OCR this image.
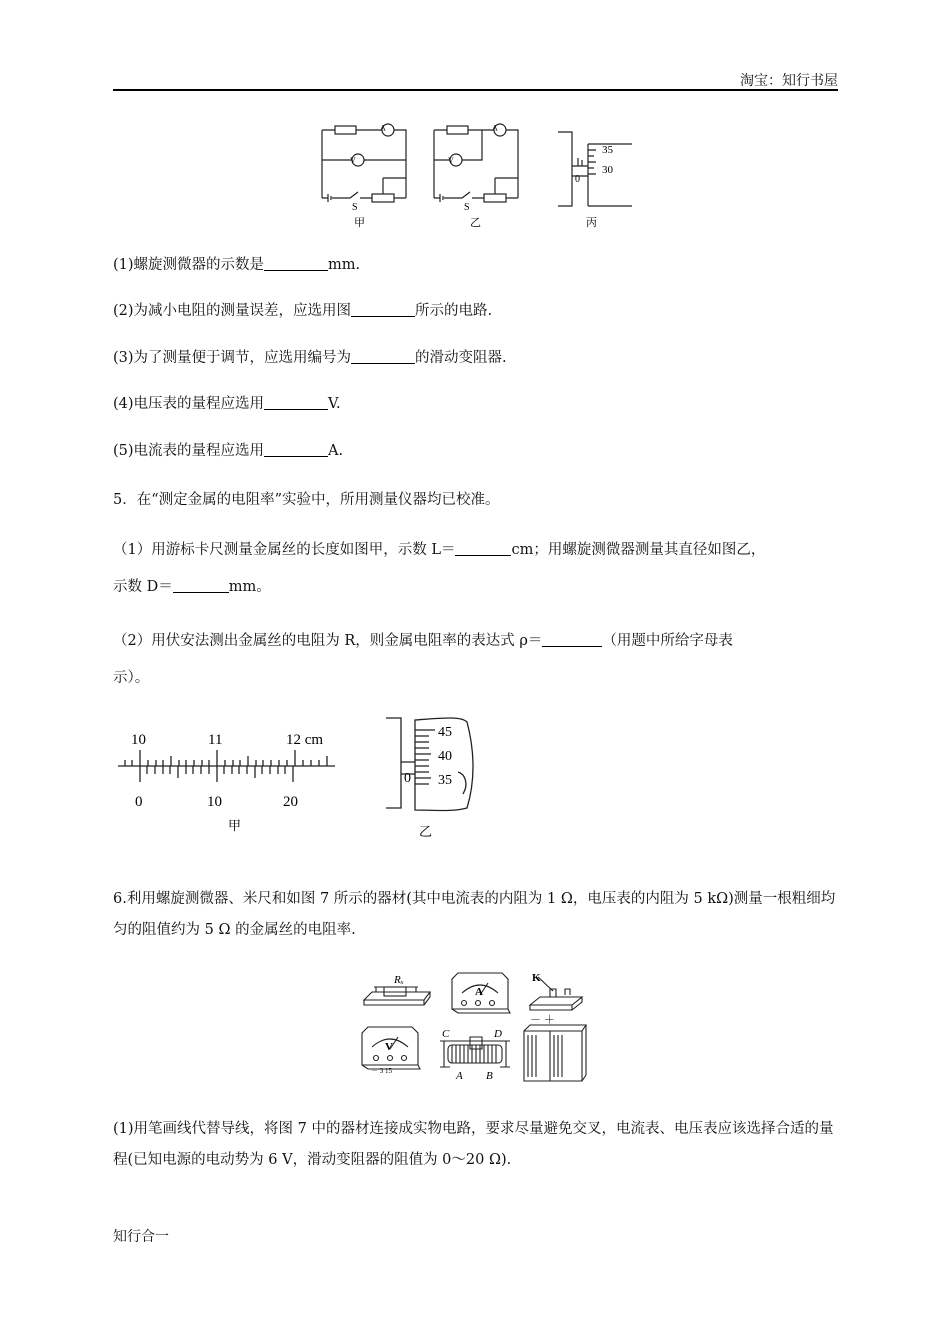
淘宝：知行书屋
A	A
V	V
S	S
0
35
30
甲	乙	丙
(1)螺旋测微器的示数是	mm.
(2)为减小电阻的测量误差，应选用图	所示的电路.
(3)为了测量便于调节，应选用编号为	的滑动变阻器.
(4)电压表的量程应选用	V.
(5)电流表的量程应选用	A.
5．在“测定金属的电阻率”实验中，所用测量仪器均已校准。
（1）用游标卡尺测量金属丝的长度如图甲，示数 L＝	cm；用螺旋测微器测量其直径如图乙，
示数 D＝	mm。
（2）用伏安法测出金属丝的电阻为 R，则金属电阻率的表达式 ρ＝	（用题中所给字母表
示）。
10	11	12 cm
0	10	20
甲
0
45
40
35
乙
6.利用螺旋测微器、米尺和如图 7 所示的器材(其中电流表的内阻为 1 Ω，电压表的内阻为 5 kΩ)测量一根粗细均匀的阻值约为 5 Ω 的金属丝的电阻率.
Rₓ
A
K
V
－ 3 15
C	D
A B
－ ＋
(1)用笔画线代替导线，将图 7 中的器材连接成实物电路，要求尽量避免交叉，电流表、电压表应该选择合适的量程(已知电源的电动势为 6 V，滑动变阻器的阻值为 0～20 Ω).
知行合一
